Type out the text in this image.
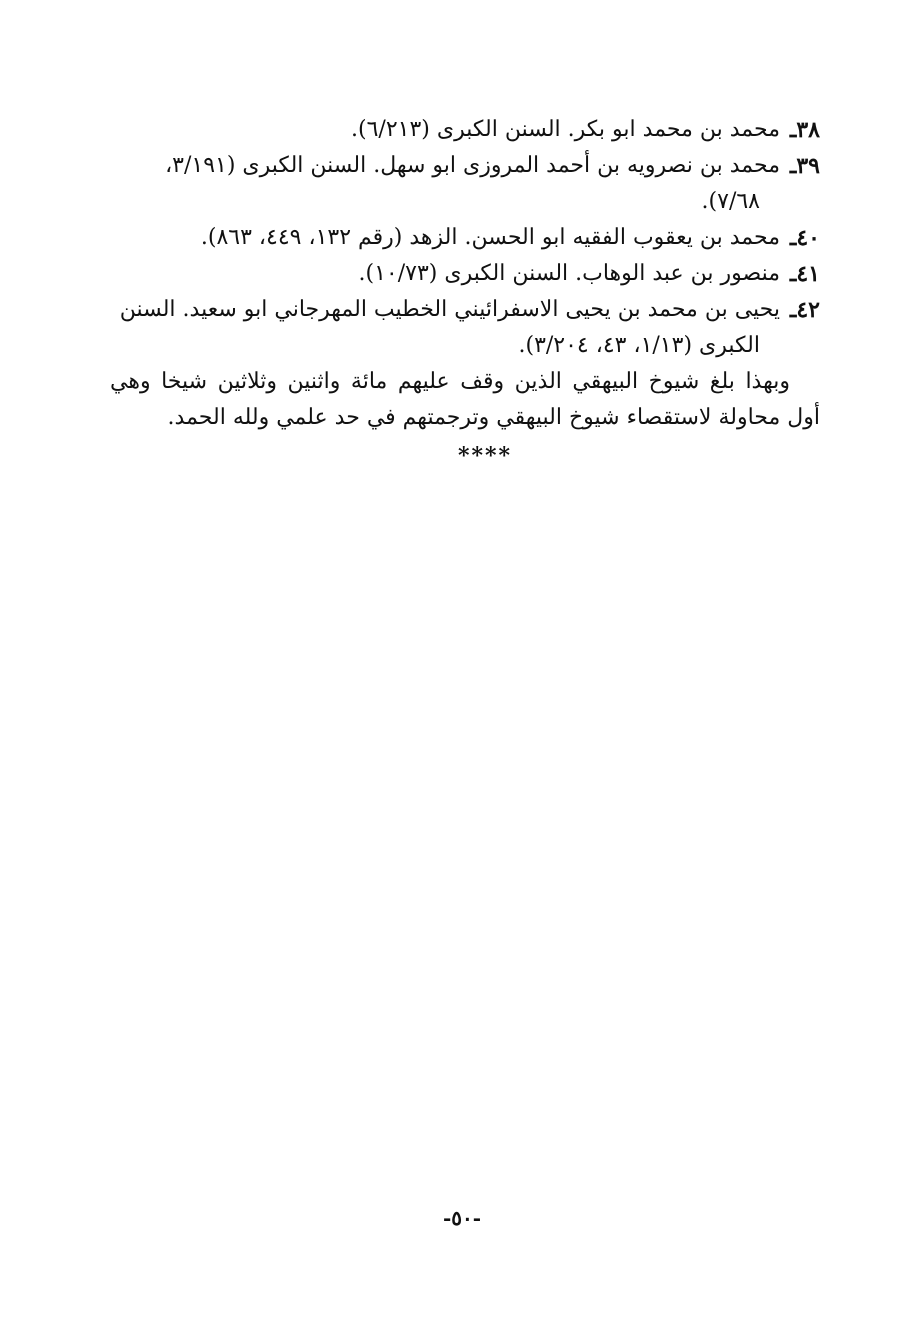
٣٨ـ
محمد بن محمد ابو بكر. السنن الكبرى (٦/٢١٣).
٣٩ـ
محمد بن نصرويه بن أحمد المروزى ابو سهل. السنن الكبرى (٣/١٩١،
٧/٦٨).
٤٠ـ
محمد بن يعقوب الفقيه ابو الحسن. الزهد (رقم ١٣٢، ٤٤٩، ٨٦٣).
٤١ـ
منصور بن عبد الوهاب. السنن الكبرى (١٠/٧٣).
٤٢ـ
يحيى بن محمد بن يحيى الاسفرائيني الخطيب المهرجاني ابو سعيد. السنن
الكبرى (١/١٣، ٤٣، ٣/٢٠٤).
وبهذا بلغ شيوخ البيهقي الذين وقف عليهم مائة واثنين وثلاثين شيخا وهي أول محاولة لاستقصاء شيوخ البيهقي وترجمتهم في حد علمي ولله الحمد.
****
-٥٠-
